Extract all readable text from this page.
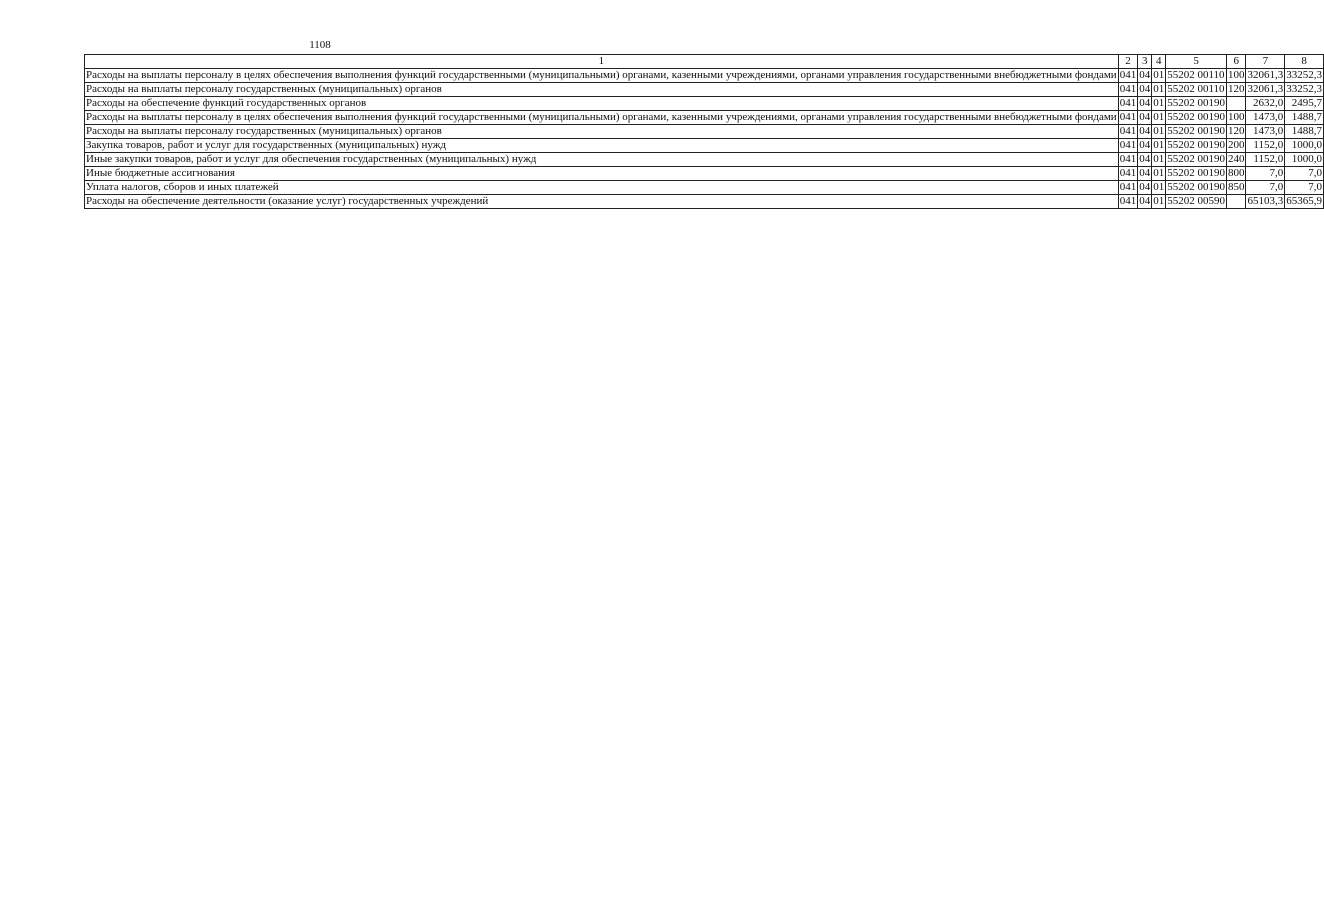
1108
1	2	3	4	5	6	7	8
Расходы на выплаты персоналу в целях обеспечения выполнения функций государственными (муниципальными) органами, казенными учреждениями, органами управления государственными внебюджетными фондами	041	04	01	55202 00110	100	32061,3	33252,3
Расходы на выплаты персоналу государственных (муниципальных) органов	041	04	01	55202 00110	120	32061,3	33252,3
Расходы на обеспечение функций государственных органов	041	04	01	55202 00190		2632,0	2495,7
Расходы на выплаты персоналу в целях обеспечения выполнения функций государственными (муниципальными) органами, казенными учреждениями, органами управления государственными внебюджетными фондами	041	04	01	55202 00190	100	1473,0	1488,7
Расходы на выплаты персоналу государственных (муниципальных) органов	041	04	01	55202 00190	120	1473,0	1488,7
Закупка товаров, работ и услуг для государственных (муниципальных) нужд	041	04	01	55202 00190	200	1152,0	1000,0
Иные закупки товаров, работ и услуг для обеспечения государственных (муниципальных) нужд	041	04	01	55202 00190	240	1152,0	1000,0
Иные бюджетные ассигнования	041	04	01	55202 00190	800	7,0	7,0
Уплата налогов, сборов и иных платежей	041	04	01	55202 00190	850	7,0	7,0
Расходы на обеспечение деятельности (оказание услуг) государственных учреждений	041	04	01	55202 00590		65103,3	65365,9
